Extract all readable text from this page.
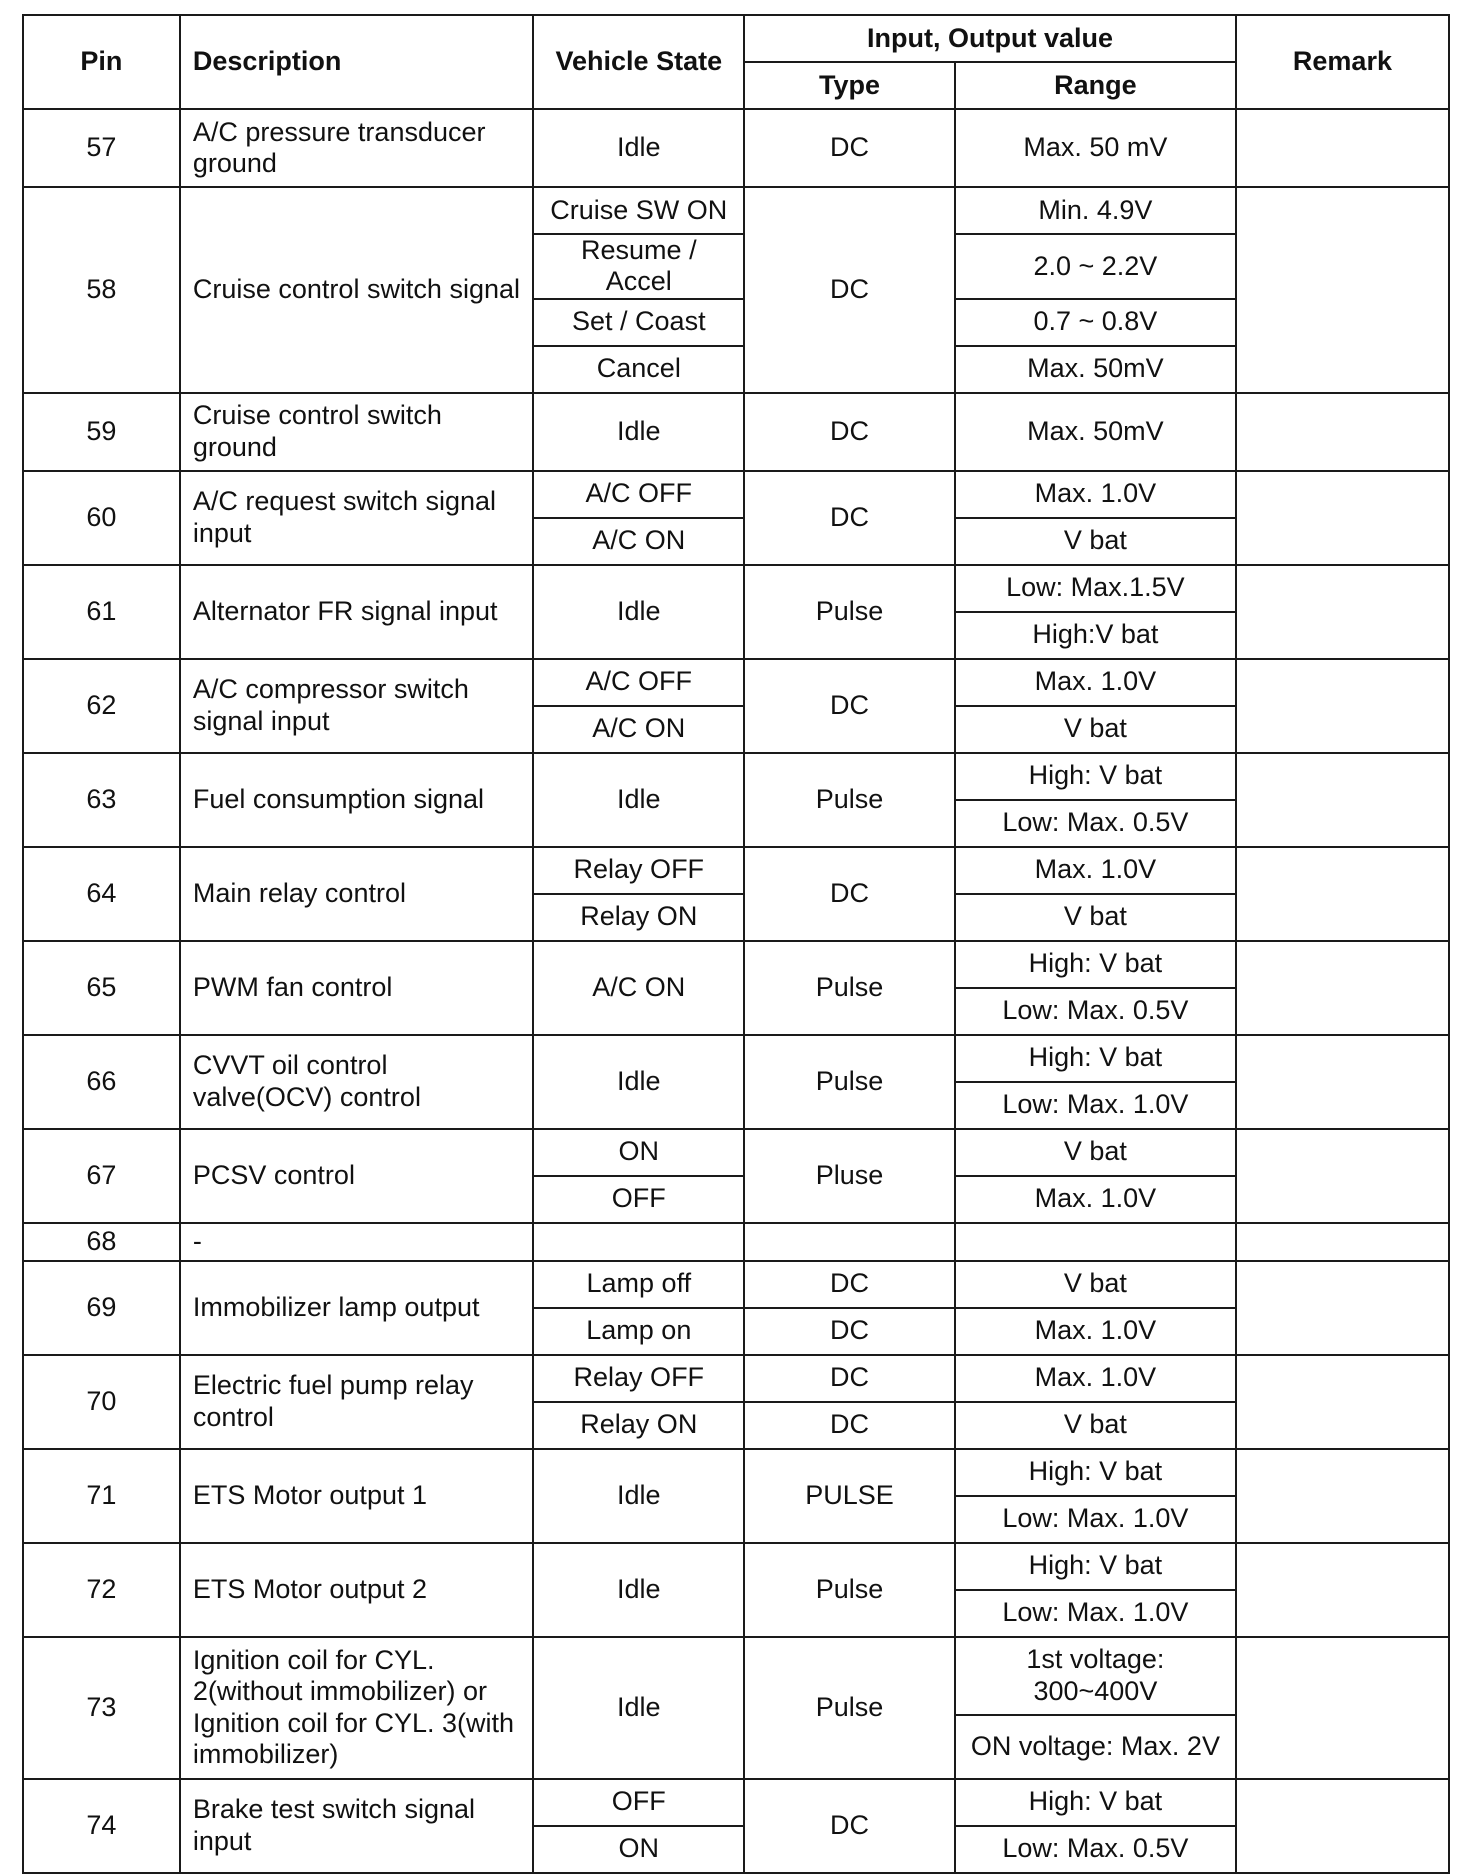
Pin	Description	Vehicle State	Input, Output value		Remark
			Type	Range	
57	A/C pressure transducer ground	Idle	DC	Max. 50 mV	
58	Cruise control switch signal	Cruise SW ON	DC	Min. 4.9V	
		Resume / Accel		2.0 ~ 2.2V	
		Set / Coast		0.7 ~ 0.8V	
		Cancel		Max. 50mV	
59	Cruise control switch ground	Idle	DC	Max. 50mV	
60	A/C request switch signal input	A/C OFF	DC	Max. 1.0V	
		A/C ON		V bat	
61	Alternator FR signal input	Idle	Pulse	Low: Max.1.5V	
				High:V bat	
62	A/C compressor switch signal input	A/C OFF	DC	Max. 1.0V	
		A/C ON		V bat	
63	Fuel consumption signal	Idle	Pulse	High: V bat	
				Low: Max. 0.5V	
64	Main relay control	Relay OFF	DC	Max. 1.0V	
		Relay ON		V bat	
65	PWM fan control	A/C ON	Pulse	High: V bat	
				Low: Max. 0.5V	
66	CVVT oil control valve(OCV) control	Idle	Pulse	High: V bat	
				Low: Max. 1.0V	
67	PCSV control	ON	Pluse	V bat	
		OFF		Max. 1.0V	
68	-				
69	Immobilizer lamp output	Lamp off	DC	V bat	
		Lamp on	DC	Max. 1.0V	
70	Electric fuel pump relay control	Relay OFF	DC	Max. 1.0V	
		Relay ON	DC	V bat	
71	ETS Motor output 1	Idle	PULSE	High: V bat	
				Low: Max. 1.0V	
72	ETS Motor output 2	Idle	Pulse	High: V bat	
				Low: Max. 1.0V	
73	Ignition coil for CYL. 2(without immobilizer) or Ignition coil for CYL. 3(with immobilizer)	Idle	Pulse	1st voltage: 300~400V	
				ON voltage: Max. 2V	
74	Brake test switch signal input	OFF	DC	High: V bat	
		ON		Low: Max. 0.5V	
